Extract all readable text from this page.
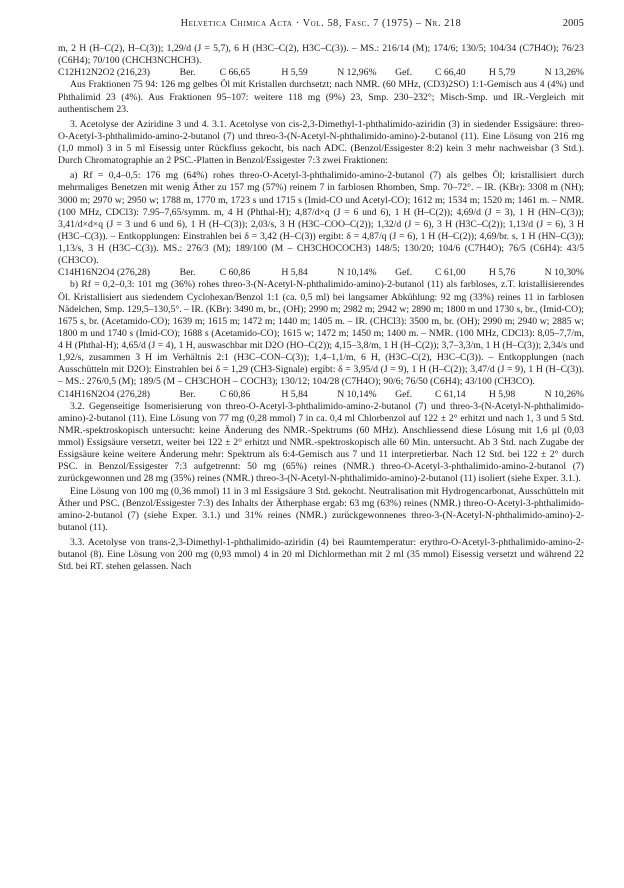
Helvetica Chimica Acta · Vol. 58, Fasc. 7 (1975) – Nr. 218	2005

m, 2 H (H–C(2), H–C(3)); 1,29/d (J = 5,7), 6 H (H3C–C(2), H3C–C(3)). – MS.: 216/14 (M); 174/6; 130/5; 104/34 (C7H4O); 76/23 (C6H4); 70/100 (CHCH3NCHCH3).

C12H12N2O2 (216,23)	Ber.	C 66,65	H 5,59	N 12,96%	Gef.	C 66,40	H 5,79	N 13,26%

Aus Fraktionen 75 94: 126 mg gelbes Öl mit Kristallen durchsetzt; nach NMR. (60 MHz, (CD3)2SO) 1:1-Gemisch aus 4 (4%) und Phthalimid 23 (4%). Aus Fraktionen 95–107: weitere 118 mg (9%) 23, Smp. 230–232°; Misch-Smp. und IR.-Vergleich mit authentischem 23.

3. Acetolyse der Aziridine 3 und 4. 3.1. Acetolyse von cis-2,3-Dimethyl-1-phthalimido-aziridin (3) in siedender Essigsäure: threo-O-Acetyl-3-phthalimido-amino-2-butanol (7) und threo-3-(N-Acetyl-N-phthalimido-amino)-2-butanol (11). Eine Lösung von 216 mg (1,0 mmol) 3 in 5 ml Eisessig unter Rückfluss gekocht, bis nach ADC. (Benzol/Essigester 8:2) kein 3 mehr nachweisbar (3 Std.). Durch Chromatographie an 2 PSC.-Platten in Benzol/Essigester 7:3 zwei Fraktionen:

a) Rf = 0,4–0,5: 176 mg (64%) rohes threo-O-Acetyl-3-phthalimido-amino-2-butanol (7) als gelbes Öl; kristallisiert durch mehrmaliges Benetzen mit wenig Äther zu 157 mg (57%) reinem 7 in farblosen Rhomben, Smp. 70–72°. – IR. (KBr): 3308 m (NH); 3000 m; 2970 w; 2950 w; 1788 m, 1770 m, 1723 s und 1715 s (Imid-CO und Acetyl-CO); 1612 m; 1534 m; 1520 m; 1461 m. – NMR. (100 MHz, CDCl3): 7.95–7,65/symm. m, 4 H (Phthal-H); 4,87/d×q (J = 6 und 6), 1 H (H–C(2)); 4,69/d (J = 3), 1 H (HN–C(3)); 3,41/d×d×q (J = 3 und 6 und 6), 1 H (H–C(3)); 2,03/s, 3 H (H3C–COO–C(2)); 1,32/d (J = 6), 3 H (H3C–C(2)); 1,13/d (J = 6), 3 H (H3C–C(3)). – Entkopplungen: Einstrahlen bei δ = 3,42 (H–C(3)) ergibt: δ = 4,87/q (J = 6), 1 H (H–C(2)); 4,69/br. s, 1 H (HN–C(3)); 1,13/s, 3 H (H3C–C(3)). MS.: 276/3 (M); 189/100 (M – CH3CHOCOCH3) 148/5; 130/20; 104/6 (C7H4O); 76/5 (C6H4): 43/5 (CH3CO).

C14H16N2O4 (276,28)	Ber.	C 60,86	H 5,84	N 10,14%	Gef.	C 61,00	H 5,76	N 10,30%

b) Rf = 0,2–0,3: 101 mg (36%) rohes threo-3-(N-Acetyl-N-phthalimido-amino)-2-butanol (11) als farbloses, z.T. kristallisierendes Öl. Kristallisiert aus siedendem Cyclohexan/Benzol 1:1 (ca. 0,5 ml) bei langsamer Abkühlung: 92 mg (33%) reines 11 in farblosen Nädelchen, Smp. 129,5–130,5°. – IR. (KBr): 3490 m, br., (OH); 2990 m; 2982 m; 2942 w; 2890 m; 1800 m und 1730 s, br., (Imid-CO); 1675 s, br. (Acetamido-CO); 1639 m; 1615 m; 1472 m; 1440 m; 1405 m. – IR. (CHCl3): 3500 m, br. (OH); 2990 m; 2940 w; 2885 w; 1800 m und 1740 s (Imid-CO); 1688 s (Acetamido-CO); 1615 w; 1472 m; 1450 m; 1400 m. – NMR. (100 MHz, CDCl3): 8,05–7,7/m, 4 H (Phthal-H); 4,65/d (J = 4), 1 H, auswaschbar mit D2O (HO–C(2)); 4,15–3,8/m, 1 H (H–C(2)); 3,7–3,3/m, 1 H (H–C(3)); 2,34/s und 1,92/s, zusammen 3 H im Verhältnis 2:1 (H3C–CON–C(3)); 1,4–1,1/m, 6 H, (H3C–C(2), H3C–C(3)). – Entkopplungen (nach Ausschütteln mit D2O): Einstrahlen bei δ = 1,29 (CH3-Signale) ergibt: δ = 3,95/d (J = 9), 1 H (H–C(2)); 3,47/d (J = 9), 1 H (H–C(3)). – MS.: 276/0,5 (M); 189/5 (M – CH3CHOH – COCH3); 130/12; 104/28 (C7H4O); 90/6; 76/50 (C6H4); 43/100 (CH3CO).

C14H16N2O4 (276,28)	Ber.	C 60,86	H 5,84	N 10,14%	Gef.	C 61,14	H 5,98	N 10,26%

3.2. Gegenseitige Isomerisierung von threo-O-Acetyl-3-phthalimido-amino-2-butanol (7) und threo-3-(N-Acetyl-N-phthalimido-amino)-2-butanol (11). Eine Lösung von 77 mg (0,28 mmol) 7 in ca. 0,4 ml Chlorbenzol auf 122 ± 2° erhitzt und nach 1, 3 und 5 Std. NMR.-spektroskopisch untersucht: keine Änderung des NMR.-Spektrums (60 MHz). Anschliessend diese Lösung mit 1,6 µl (0,03 mmol) Essigsäure versetzt, weiter bei 122 ± 2° erhitzt und NMR.-spektroskopisch alle 60 Min. untersucht. Ab 3 Std. nach Zugabe der Essigsäure keine weitere Änderung mehr: Spektrum als 6:4-Gemisch aus 7 und 11 interpretierbar. Nach 12 Std. bei 122 ± 2° durch PSC. in Benzol/Essigester 7:3 aufgetrennt: 50 mg (65%) reines (NMR.) threo-O-Acetyl-3-phthalimido-amino-2-butanol (7) zurückgewonnen und 28 mg (35%) reines (NMR.) threo-3-(N-Acetyl-N-phthalimido-amino)-2-butanol (11) isoliert (siehe Exper. 3.1.).

Eine Lösung von 100 mg (0,36 mmol) 11 in 3 ml Essigsäure 3 Std. gekocht. Neutralisation mit Hydrogencarbonat, Ausschütteln mit Äther und PSC. (Benzol/Essigester 7:3) des Inhalts der Ätherphase ergab: 63 mg (63%) reines (NMR.) threo-O-Acetyl-3-phthalimido-amino-2-butanol (7) (siehe Exper. 3.1.) und 31% reines (NMR.) zurückgewonnenes threo-3-(N-Acetyl-N-phthalimido-amino)-2-butanol (11).

3.3. Acetolyse von trans-2,3-Dimethyl-1-phthalimido-aziridin (4) bei Raumtemperatur: erythro-O-Acetyl-3-phthalimido-amino-2-butanol (8). Eine Lösung von 200 mg (0,93 mmol) 4 in 20 ml Dichlormethan mit 2 ml (35 mmol) Eisessig versetzt und während 22 Std. bei RT. stehen gelassen. Nach
